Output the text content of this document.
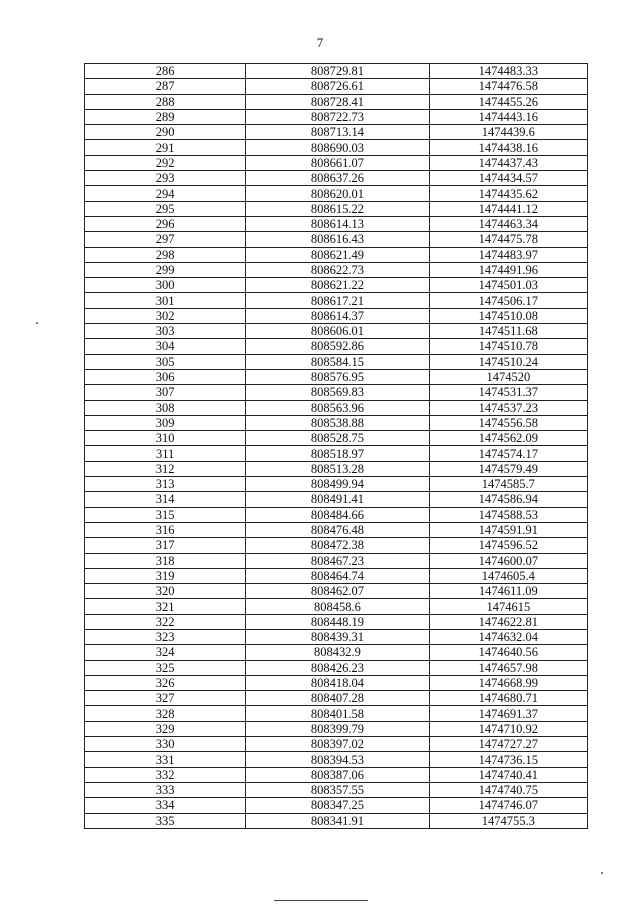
7
286	808729.81	1474483.33
287	808726.61	1474476.58
288	808728.41	1474455.26
289	808722.73	1474443.16
290	808713.14	1474439.6
291	808690.03	1474438.16
292	808661.07	1474437.43
293	808637.26	1474434.57
294	808620.01	1474435.62
295	808615.22	1474441.12
296	808614.13	1474463.34
297	808616.43	1474475.78
298	808621.49	1474483.97
299	808622.73	1474491.96
300	808621.22	1474501.03
301	808617.21	1474506.17
302	808614.37	1474510.08
303	808606.01	1474511.68
304	808592.86	1474510.78
305	808584.15	1474510.24
306	808576.95	1474520
307	808569.83	1474531.37
308	808563.96	1474537.23
309	808538.88	1474556.58
310	808528.75	1474562.09
311	808518.97	1474574.17
312	808513.28	1474579.49
313	808499.94	1474585.7
314	808491.41	1474586.94
315	808484.66	1474588.53
316	808476.48	1474591.91
317	808472.38	1474596.52
318	808467.23	1474600.07
319	808464.74	1474605.4
320	808462.07	1474611.09
321	808458.6	1474615
322	808448.19	1474622.81
323	808439.31	1474632.04
324	808432.9	1474640.56
325	808426.23	1474657.98
326	808418.04	1474668.99
327	808407.28	1474680.71
328	808401.58	1474691.37
329	808399.79	1474710.92
330	808397.02	1474727.27
331	808394.53	1474736.15
332	808387.06	1474740.41
333	808357.55	1474740.75
334	808347.25	1474746.07
335	808341.91	1474755.3
